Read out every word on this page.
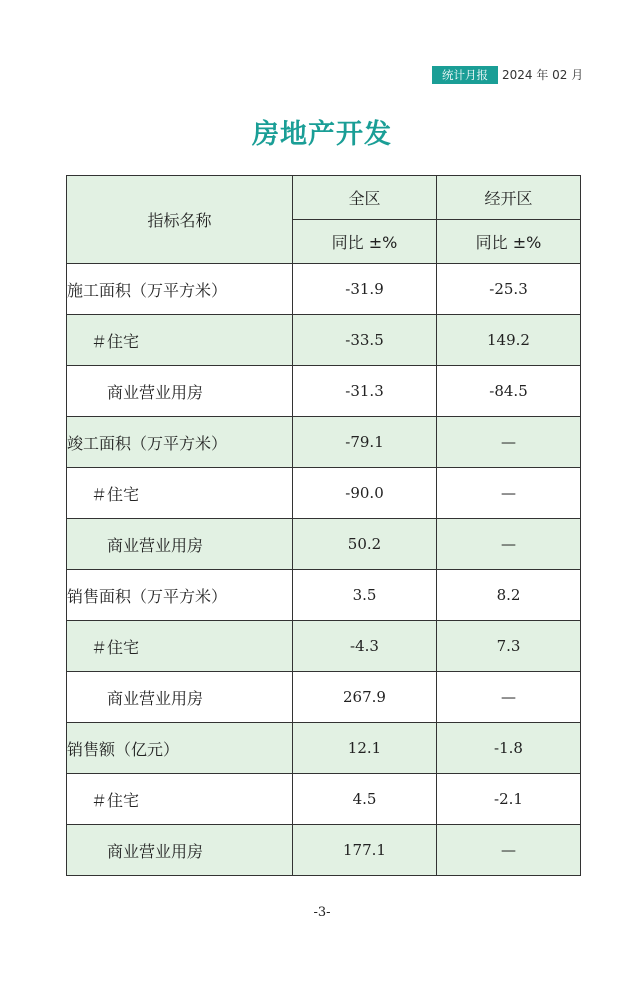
统计月报	2024 年 02 月
房地产开发
指标名称	全区	经开区
	同比 ±%	同比 ±%
施工面积（万平方米）	-31.9	-25.3
＃住宅	-33.5	149.2
商业营业用房	-31.3	-84.5
竣工面积（万平方米）	-79.1	—
＃住宅	-90.0	—
商业营业用房	50.2	—
销售面积（万平方米）	3.5	8.2
＃住宅	-4.3	7.3
商业营业用房	267.9	—
销售额（亿元）	12.1	-1.8
＃住宅	4.5	-2.1
商业营业用房	177.1	—
-3-
